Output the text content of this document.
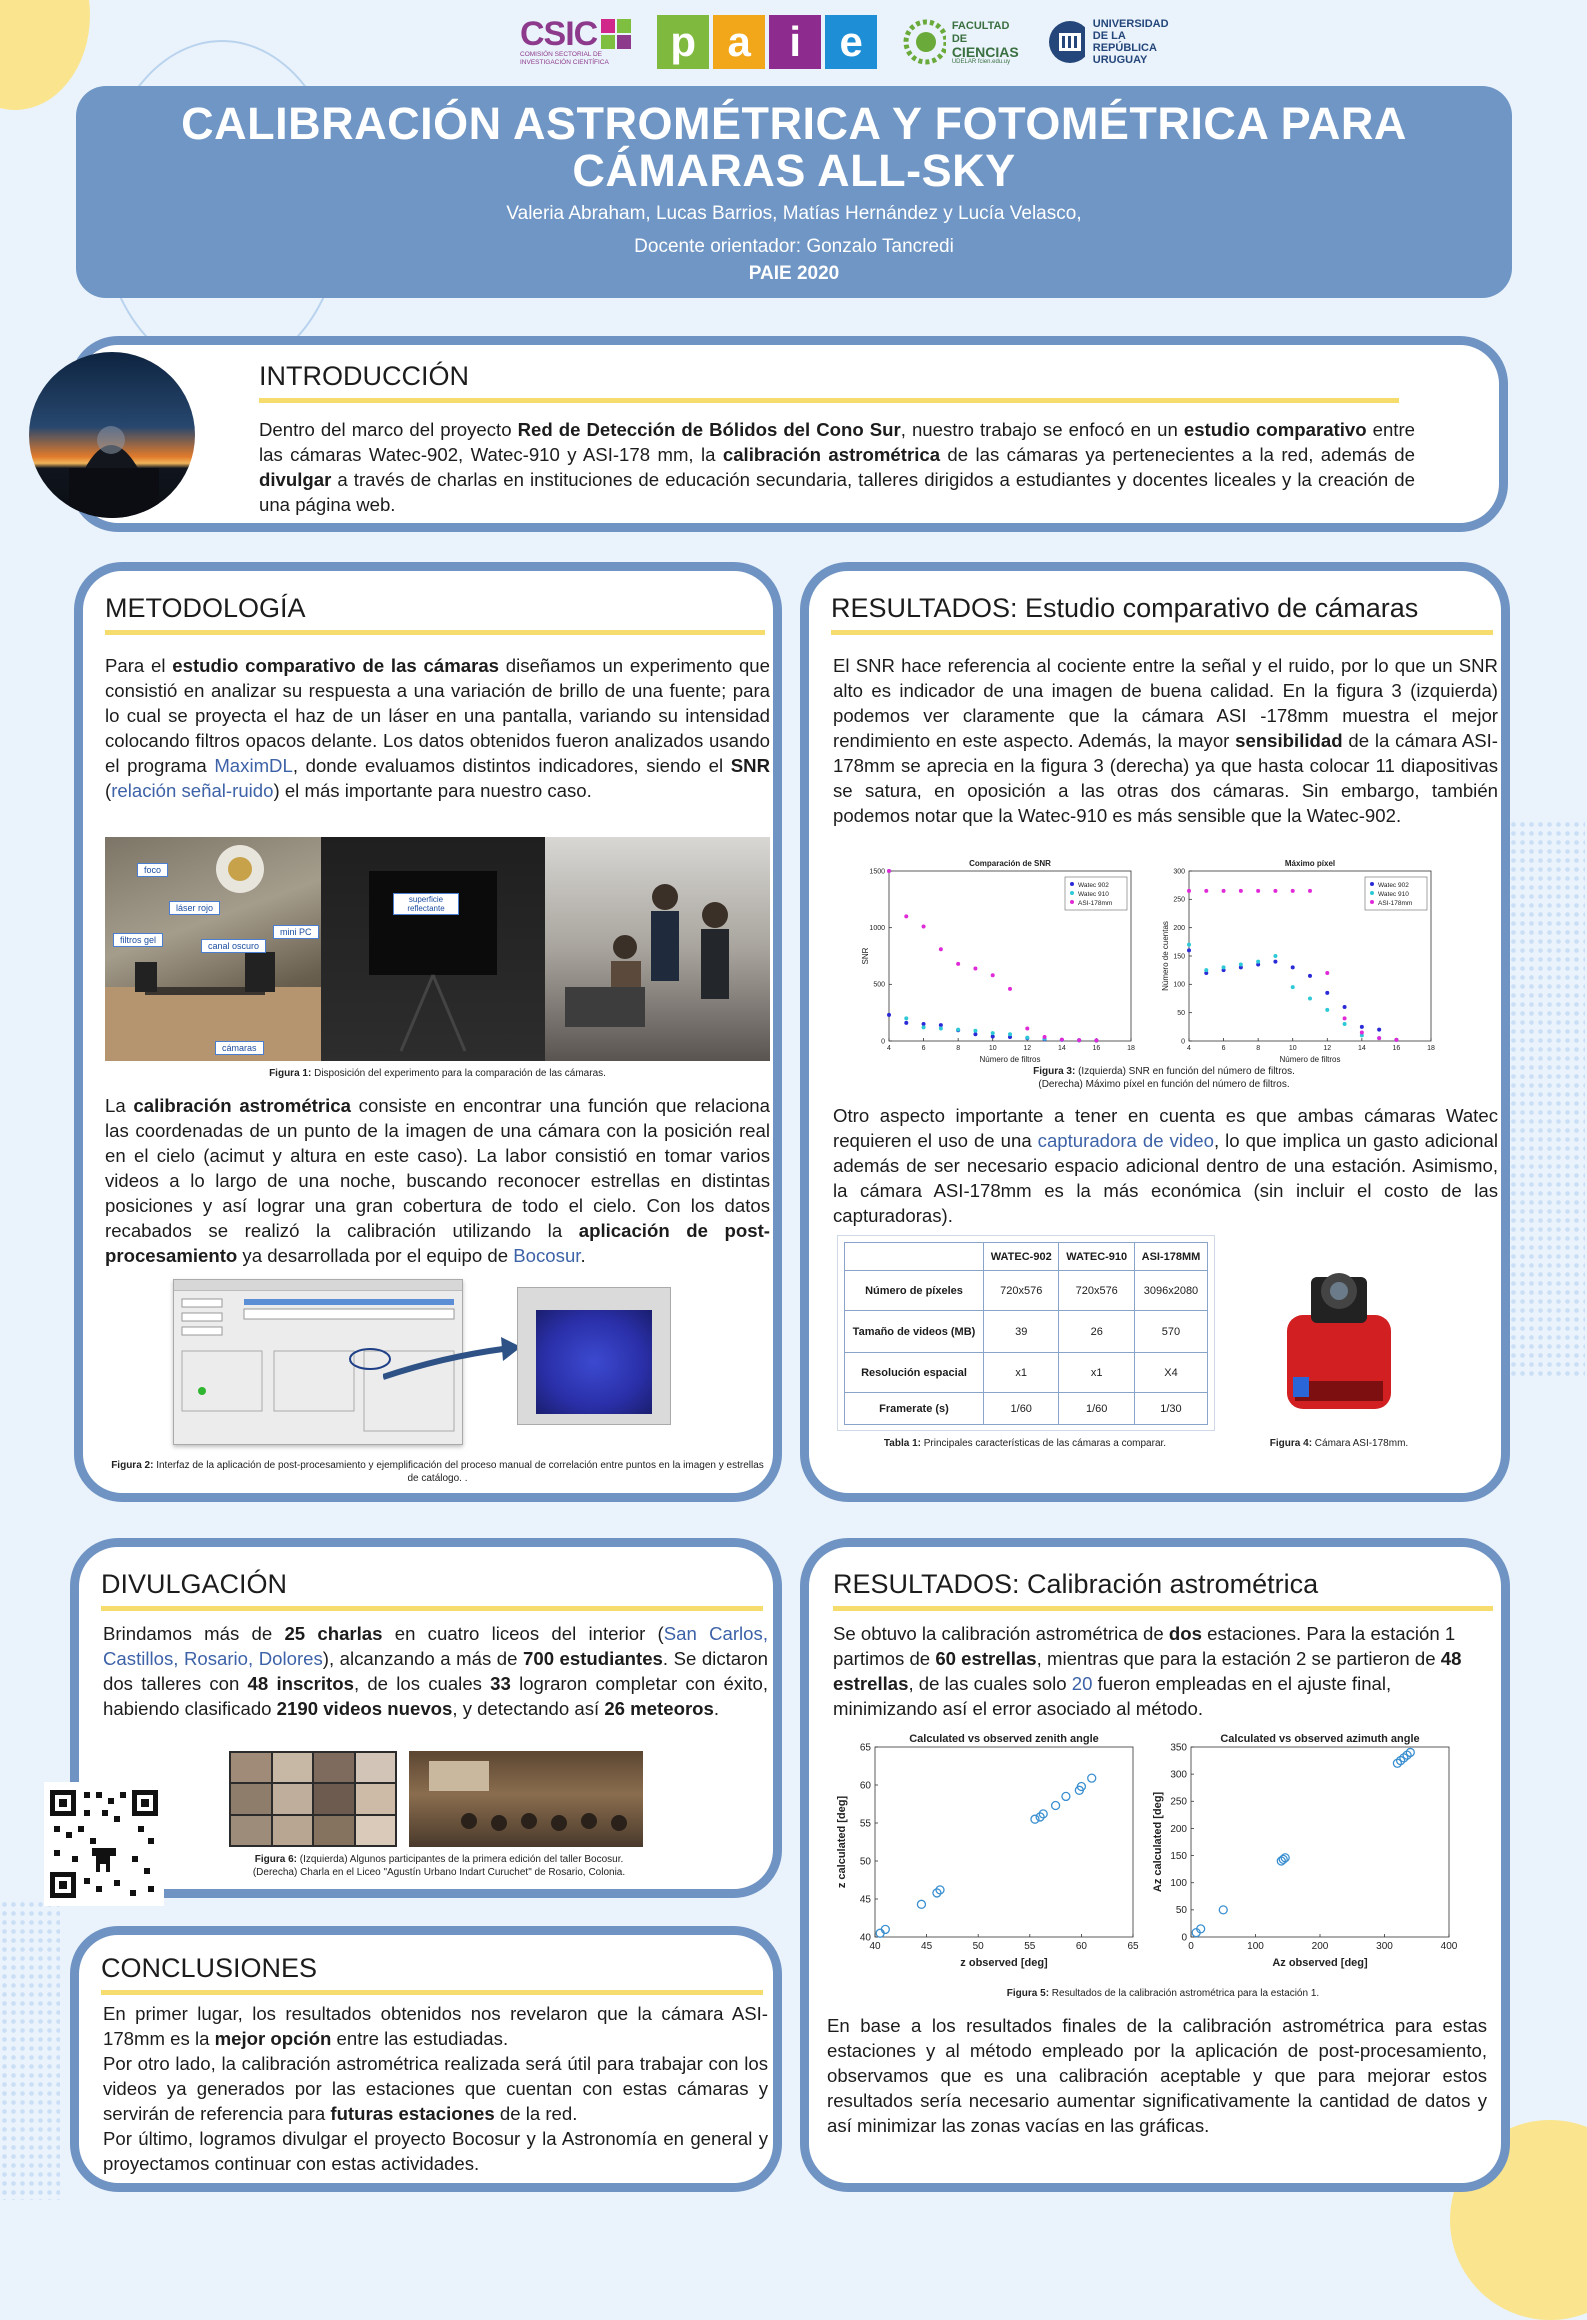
CSIC
COMISIÓN SECTORIAL DE
INVESTIGACIÓN CIENTÍFICA	p a i e	FACULTAD DE
CIENCIAS
UDELAR fcien.edu.uy
UNIVERSIDAD
DE LA REPÚBLICA
URUGUAY
CALIBRACIÓN ASTROMÉTRICA Y FOTOMÉTRICA PARA
CÁMARAS ALL-SKY
Valeria Abraham, Lucas Barrios, Matías Hernández y Lucía Velasco,
Docente orientador: Gonzalo Tancredi
PAIE 2020
INTRODUCCIÓN
Dentro del marco del proyecto Red de Detección de Bólidos del Cono Sur, nuestro trabajo se enfocó en un estudio comparativo entre las cámaras Watec-902, Watec-910 y ASI-178 mm, la calibración astrométrica de las cámaras ya pertenecientes a la red, además de divulgar a través de charlas en instituciones de educación secundaria, talleres dirigidos a estudiantes y docentes liceales y la creación de una página web.
METODOLOGÍA
Para el estudio comparativo de las cámaras diseñamos un experimento que consistió en analizar su respuesta a una variación de brillo de una fuente; para lo cual se proyecta el haz de un láser en una pantalla, variando su intensidad colocando filtros opacos delante. Los datos obtenidos fueron analizados usando el programa MaximDL, donde evaluamos distintos indicadores, siendo el SNR (relación señal-ruido) el más importante para nuestro caso.
foco
láser rojo
filtros gel
canal oscuro
mini PC
cámaras
superficie reflectante
Figura 1: Disposición del experimento para la comparación de las cámaras.
La calibración astrométrica consiste en encontrar una función que relaciona las coordenadas de un punto de la imagen de una cámara con la posición real en el cielo (acimut y altura en este caso). La labor consistió en tomar varios videos a lo largo de una noche, buscando reconocer estrellas en distintas posiciones y así lograr una gran cobertura de todo el cielo. Con los datos recabados se realizó la calibración utilizando la aplicación de post-procesamiento ya desarrollada por el equipo de Bocosur.
Figura 2: Interfaz de la aplicación de post-procesamiento y ejemplificación del proceso manual de correlación entre puntos en la imagen y estrellas de catálogo. .
RESULTADOS: Estudio comparativo de cámaras
El SNR hace referencia al cociente entre la señal y el ruido, por lo que un SNR alto es indicador de una imagen de buena calidad. En la figura 3 (izquierda) podemos ver claramente que la cámara ASI -178mm muestra el mejor rendimiento en este aspecto. Además, la mayor sensibilidad de la cámara ASI-178mm se aprecia en la figura 3 (derecha) ya que hasta colocar 11 diapositivas se satura, en oposición a las otras dos cámaras. Sin embargo, también podemos notar que la Watec-910 es más sensible que la Watec-902.
Comparación de SNR
4	6	8	10	12	14	16	18
0
500
1000
1500
Número de filtros
SNR
Watec 902
Watec 910
ASI-178mm
Máximo píxel
4	6	8	10	12	14	16	18
0
50
100
150
200
250
300
Número de filtros
Número de cuentas
Watec 902
Watec 910
ASI-178mm
Figura 3: (Izquierda) SNR en función del número de filtros.
(Derecha) Máximo píxel en función del número de filtros.
Otro aspecto importante a tener en cuenta es que ambas cámaras Watec requieren el uso de una capturadora de video, lo que implica un gasto adicional además de ser necesario espacio adicional dentro de una estación. Asimismo, la cámara ASI-178mm es la más económica (sin incluir el costo de las capturadoras).
	WATEC-902	WATEC-910	ASI-178MM
Número de píxeles	720x576	720x576	3096x2080
Tamaño de videos (MB)	39	26	570
Resolución espacial	x1	x1	X4
Framerate (s)	1/60	1/60	1/30
Tabla 1: Principales características de las cámaras a comparar.	Figura 4: Cámara ASI-178mm.
DIVULGACIÓN
Brindamos más de 25 charlas en cuatro liceos del interior (San Carlos, Castillos, Rosario, Dolores), alcanzando a más de 700 estudiantes. Se dictaron dos talleres con 48 inscritos, de los cuales 33 lograron completar con éxito, habiendo clasificado 2190 videos nuevos, y detectando así 26 meteoros.
Figura 6: (Izquierda) Algunos participantes de la primera edición del taller Bocosur.
(Derecha) Charla en el Liceo "Agustín Urbano Indart Curuchet" de Rosario, Colonia.
CONCLUSIONES
En primer lugar, los resultados obtenidos nos revelaron que la cámara ASI-178mm es la mejor opción entre las estudiadas.
Por otro lado, la calibración astrométrica realizada será útil para trabajar con los videos ya generados por las estaciones que cuentan con estas cámaras y servirán de referencia para futuras estaciones de la red.
Por último, logramos divulgar el proyecto Bocosur y la Astronomía en general y proyectamos continuar con estas actividades.
RESULTADOS: Calibración astrométrica
Se obtuvo la calibración astrométrica de dos estaciones. Para la estación 1 partimos de 60 estrellas, mientras que para la estación 2 se partieron de 48 estrellas, de las cuales solo 20 fueron empleadas en el ajuste final, minimizando así el error asociado al método.
Calculated vs observed zenith angle
40	45	50	55	60	65
40
45
50
55
60
65
z observed [deg]
z calculated [deg]
Calculated vs observed azimuth angle
0	100	200	300	400
0
50
100
150
200
250
300
350
Az observed [deg]
Az calculated [deg]
Figura 5: Resultados de la calibración astrométrica para la estación 1.
En base a los resultados finales de la calibración astrométrica para estas estaciones y al método empleado por la aplicación de post-procesamiento, observamos que es una calibración aceptable y que para mejorar estos resultados sería necesario aumentar significativamente la cantidad de datos y así minimizar las zonas vacías en las gráficas.
